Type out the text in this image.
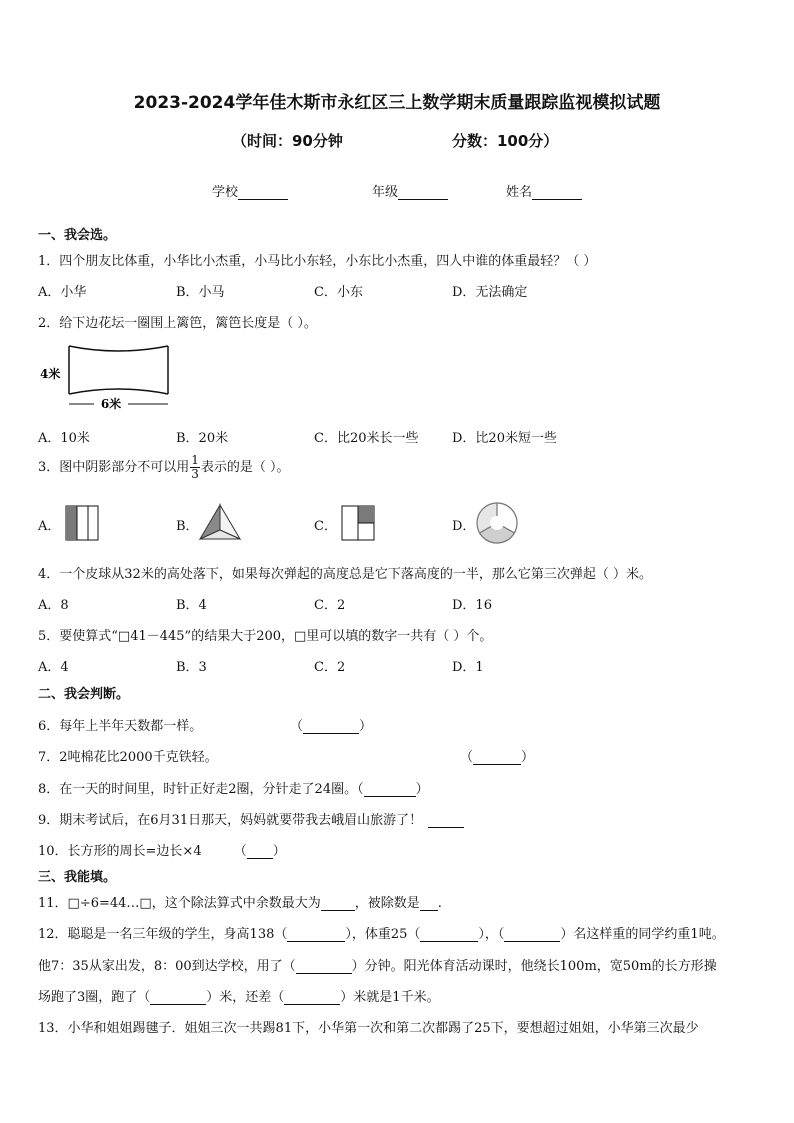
2023-2024学年佳木斯市永红区三上数学期末质量跟踪监视模拟试题
（时间：90分钟	分数：100分）
学校	年级	姓名
一、我会选。
1．四个朋友比体重，小华比小杰重，小马比小东轻，小东比小杰重，四人中谁的体重最轻？（ ）
A．小华	B．小马	C．小东	D．无法确定
2．给下边花坛一圈围上篱笆，篱笆长度是（ ）。
6米
4米
A．10米	B．20米	C．比20米长一些	D．比20米短一些
3．图中阴影部分不可以用 $\frac{1}{3}$ 表示的是（ ）。
A．	B．	C．	D．
4．一个皮球从32米的高处落下，如果每次弹起的高度总是它下落高度的一半，那么它第三次弹起（ ）米。
A．8	B．4	C．2	D．16
5．要使算式“□41－445”的结果大于200，□里可以填的数字一共有（ ）个。
A．4	B．3	C．2	D．1
二、我会判断。
6．每年上半年天数都一样。	（	）
7．2吨棉花比2000千克铁轻。	（	）
8．在一天的时间里，时针正好走2圈，分针走了24圈。（	）
9．期末考试后，在6月31日那天，妈妈就要带我去峨眉山旅游了！
10．长方形的周长=边长×4 （ ）
三、我能填。
11．□÷6=44…□，这个除法算式中余数最大为	，被除数是 .
12．聪聪是一名三年级的学生，身高138（	），体重25（	），（	）名这样重的同学约重1吨。
他7：35从家出发，8：00到达学校，用了（	）分钟。阳光体育活动课时，他绕长100m，宽50m的长方形操
场跑了3圈，跑了（	）米，还差（	）米就是1千米。
13．小华和姐姐踢毽子．姐姐三次一共踢81下，小华第一次和第二次都踢了25下，要想超过姐姐，小华第三次最少
